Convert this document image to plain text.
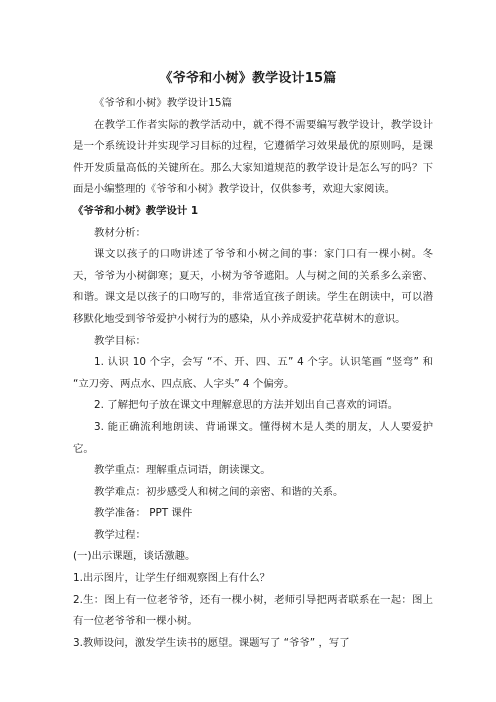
《爷爷和小树》教学设计15篇

《爷爷和小树》教学设计15篇

在教学工作者实际的教学活动中，就不得不需要编写教学设计，教学设计是一个系统设计并实现学习目标的过程，它遵循学习效果最优的原则吗，是课件开发质量高低的关键所在。那么大家知道规范的教学设计是怎么写的吗？下面是小编整理的《爷爷和小树》教学设计，仅供参考，欢迎大家阅读。

《爷爷和小树》教学设计 1

教材分析：

课文以孩子的口吻讲述了爷爷和小树之间的事：家门口有一棵小树。冬天，爷爷为小树御寒；夏天，小树为爷爷遮阳。人与树之间的关系多么亲密、和谐。课文是以孩子的口吻写的，非常适宜孩子朗读。学生在朗读中，可以潜移默化地受到爷爷爱护小树行为的感染，从小养成爱护花草树木的意识。

教学目标：

1. 认识 10 个字，会写 “不、开、四、五” 4 个字。认识笔画 “竖弯” 和 “立刀旁、两点水、四点底、人字头” 4 个偏旁。

2. 了解把句子放在课文中理解意思的方法并划出自己喜欢的词语。

3. 能正确流利地朗读、背诵课文。懂得树木是人类的朋友，人人要爱护它。

教学重点：理解重点词语，朗读课文。

教学难点：初步感受人和树之间的亲密、和谐的关系。

教学准备： PPT 课件

教学过程：

(一)出示课题，谈话激趣。

1.出示图片，让学生仔细观察图上有什么？

2.生：图上有一位老爷爷，还有一棵小树，老师引导把两者联系在一起：图上有一位老爷爷和一棵小树。

3.教师设问，激发学生读书的愿望。课题写了 “爷爷” ，写了
